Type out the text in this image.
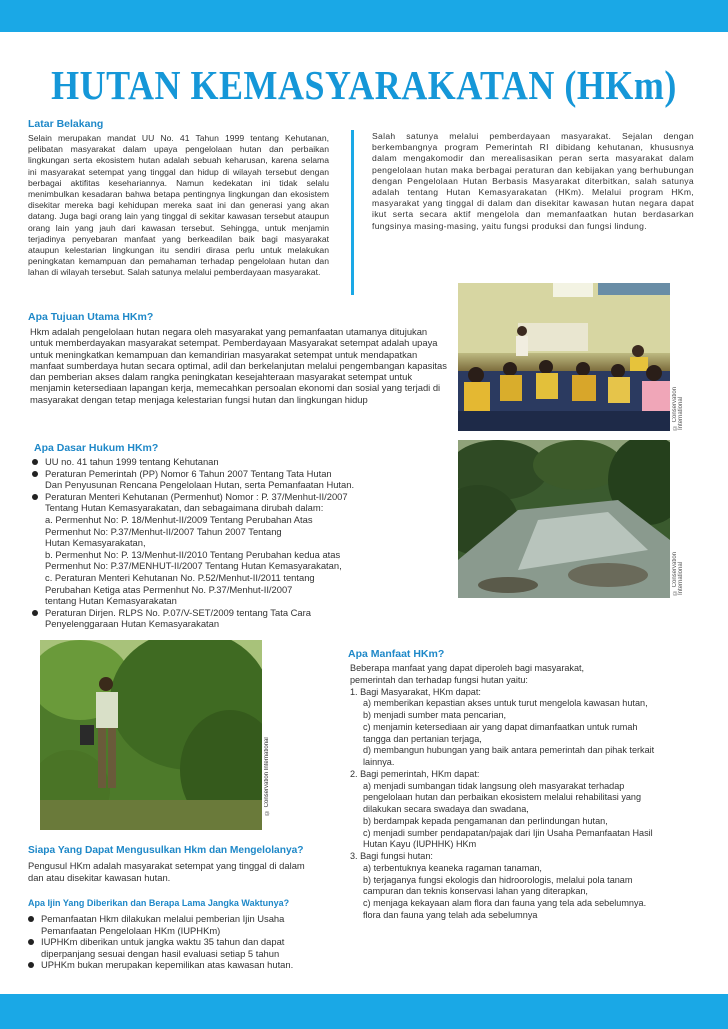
HUTAN KEMASYARAKATAN (HKm)
Latar Belakang

Selain merupakan mandat UU No. 41 Tahun 1999 tentang Kehutanan, pelibatan masyarakat dalam upaya pengelolaan hutan dan perbaikan lingkungan serta ekosistem hutan adalah sebuah keharusan, karena selama ini masyarakat setempat yang tinggal dan hidup di wilayah tersebut dengan berbagai aktifitas kesehariannya. Namun kedekatan ini tidak selalu menimbulkan kesadaran bahwa betapa pentingnya lingkungan dan ekosistem disekitar mereka bagi kehidupan mereka saat ini dan generasi yang akan datang. Juga bagi orang lain yang tinggal di sekitar kawasan tersebut ataupun orang lain yang jauh dari kawasan tersebut. Sehingga, untuk menjamin terjadinya penyebaran manfaat yang berkeadilan baik bagi masyarakat ataupun kelestarian lingkungan itu sendiri dirasa perlu untuk melakukan peningkatan kemampuan dan pemahaman terhadap pengelolaan hutan dan lahan di wilayah tersebut. Salah satunya melalui pemberdayaan masyarakat.

Salah satunya melalui pemberdayaan masyarakat. Sejalan dengan berkembangnya program Pemerintah RI dibidang kehutanan, khususnya dalam mengakomodir dan merealisasikan peran serta masyarakat dalam pengelolaan hutan maka berbagai peraturan dan kebijakan yang berhubungan dengan Pengelolaan Hutan Berbasis Masyarakat diterbitkan, salah satunya adalah tentang Hutan Kemasyarakatan (HKm). Melalui program HKm, masyarakat yang tinggal di dalam dan disekitar kawasan hutan negara dapat ikut serta secara aktif mengelola dan memanfaatkan hutan berdasarkan fungsinya masing-masing, yaitu fungsi produksi dan fungsi lindung.

© Conservation International
Apa Tujuan Utama HKm?

Hkm adalah pengelolaan hutan negara oleh masyarakat yang pemanfaatan utamanya ditujukan untuk memberdayakan masyarakat setempat. Pemberdayaan Masyarakat setempat adalah upaya untuk meningkatkan kemampuan dan kemandirian masyarakat setempat untuk mendapatkan manfaat sumberdaya hutan secara optimal, adil dan berkelanjutan melalui pengembangan kapasitas dan pemberian akses dalam rangka peningkatan kesejahteraan masyarakat setempat untuk menjamin ketersediaan lapangan kerja, memecahkan persoalan ekonomi dan sosial yang terjadi di masyarakat dengan tetap menjaga kelestarian fungsi hutan dan lingkungan hidup

Apa Dasar Hukum HKm?
UU no. 41 tahun 1999 tentang Kehutanan
Peraturan Pemerintah (PP) Nomor 6 Tahun 2007 Tentang Tata Hutan
Dan Penyusunan Rencana Pengelolaan Hutan, serta Pemanfaatan Hutan.
Peraturan Menteri Kehutanan (Permenhut) Nomor : P. 37/Menhut-II/2007
Tentang Hutan Kemasyarakatan, dan sebagaimana dirubah dalam:
a. Permenhut No: P. 18/Menhut-II/2009 Tentang Perubahan Atas
Permenhut No: P.37/Menhut-II/2007 Tahun 2007 Tentang
Hutan Kemasyarakatan,
b. Permenhut No: P. 13/Menhut-II/2010 Tentang Perubahan kedua atas
Permenhut No: P.37/MENHUT-II/2007 Tentang Hutan Kemasyarakatan,
c. Peraturan Menteri Kehutanan No. P.52/Menhut-II/2011 tentang
Perubahan Ketiga atas Permenhut No. P.37/Menhut-II/2007
tentang Hutan Kemasyarakatan
Peraturan Dirjen. RLPS No. P.07/V-SET/2009 tentang Tata Cara
Penyelenggaraan Hutan Kemasyarakatan
© Conservation International
© Conservation International
Apa Manfaat HKm?
Beberapa manfaat yang dapat diperoleh bagi masyarakat,
pemerintah dan terhadap fungsi hutan yaitu:
1. Bagi Masyarakat, HKm dapat:
a) memberikan kepastian akses untuk turut mengelola kawasan hutan,
b) menjadi sumber mata pencarian,
c) menjamin ketersediaan air yang dapat dimanfaatkan untuk rumah
tangga dan pertanian terjaga,
d) membangun hubungan yang baik antara pemerintah dan pihak terkait
lainnya.
2. Bagi pemerintah, HKm dapat:
a) menjadi sumbangan tidak langsung oleh masyarakat terhadap
pengelolaan hutan dan perbaikan ekosistem melalui rehabilitasi yang
dilakukan secara swadaya dan swadana,
b) berdampak kepada pengamanan dan perlindungan hutan,
c) menjadi sumber pendapatan/pajak dari Ijin Usaha Pemanfaatan Hasil
Hutan Kayu (IUPHHK) HKm
3. Bagi fungsi hutan:
a) terbentuknya keaneka ragaman tanaman,
b) terjaganya fungsi ekologis dan hidroorologis, melalui pola tanam
campuran dan teknis konservasi lahan yang diterapkan,
c) menjaga kekayaan alam flora dan fauna yang tela ada sebelumnya.
flora dan fauna yang telah ada sebelumnya
Siapa Yang Dapat Mengusulkan Hkm dan Mengelolanya?

Pengusul HKm adalah masyarakat setempat yang tinggal di dalam dan atau disekitar kawasan hutan.

Apa Ijin Yang Diberikan dan Berapa Lama Jangka Waktunya?
Pemanfaatan Hkm dilakukan melalui pemberian Ijin Usaha
Pemanfaatan Pengelolaan HKm (IUPHKm)
IUPHKm diberikan untuk jangka waktu 35 tahun dan dapat
diperpanjang sesuai dengan hasil evaluasi setiap 5 tahun
UPHKm bukan merupakan kepemilikan atas kawasan hutan.
